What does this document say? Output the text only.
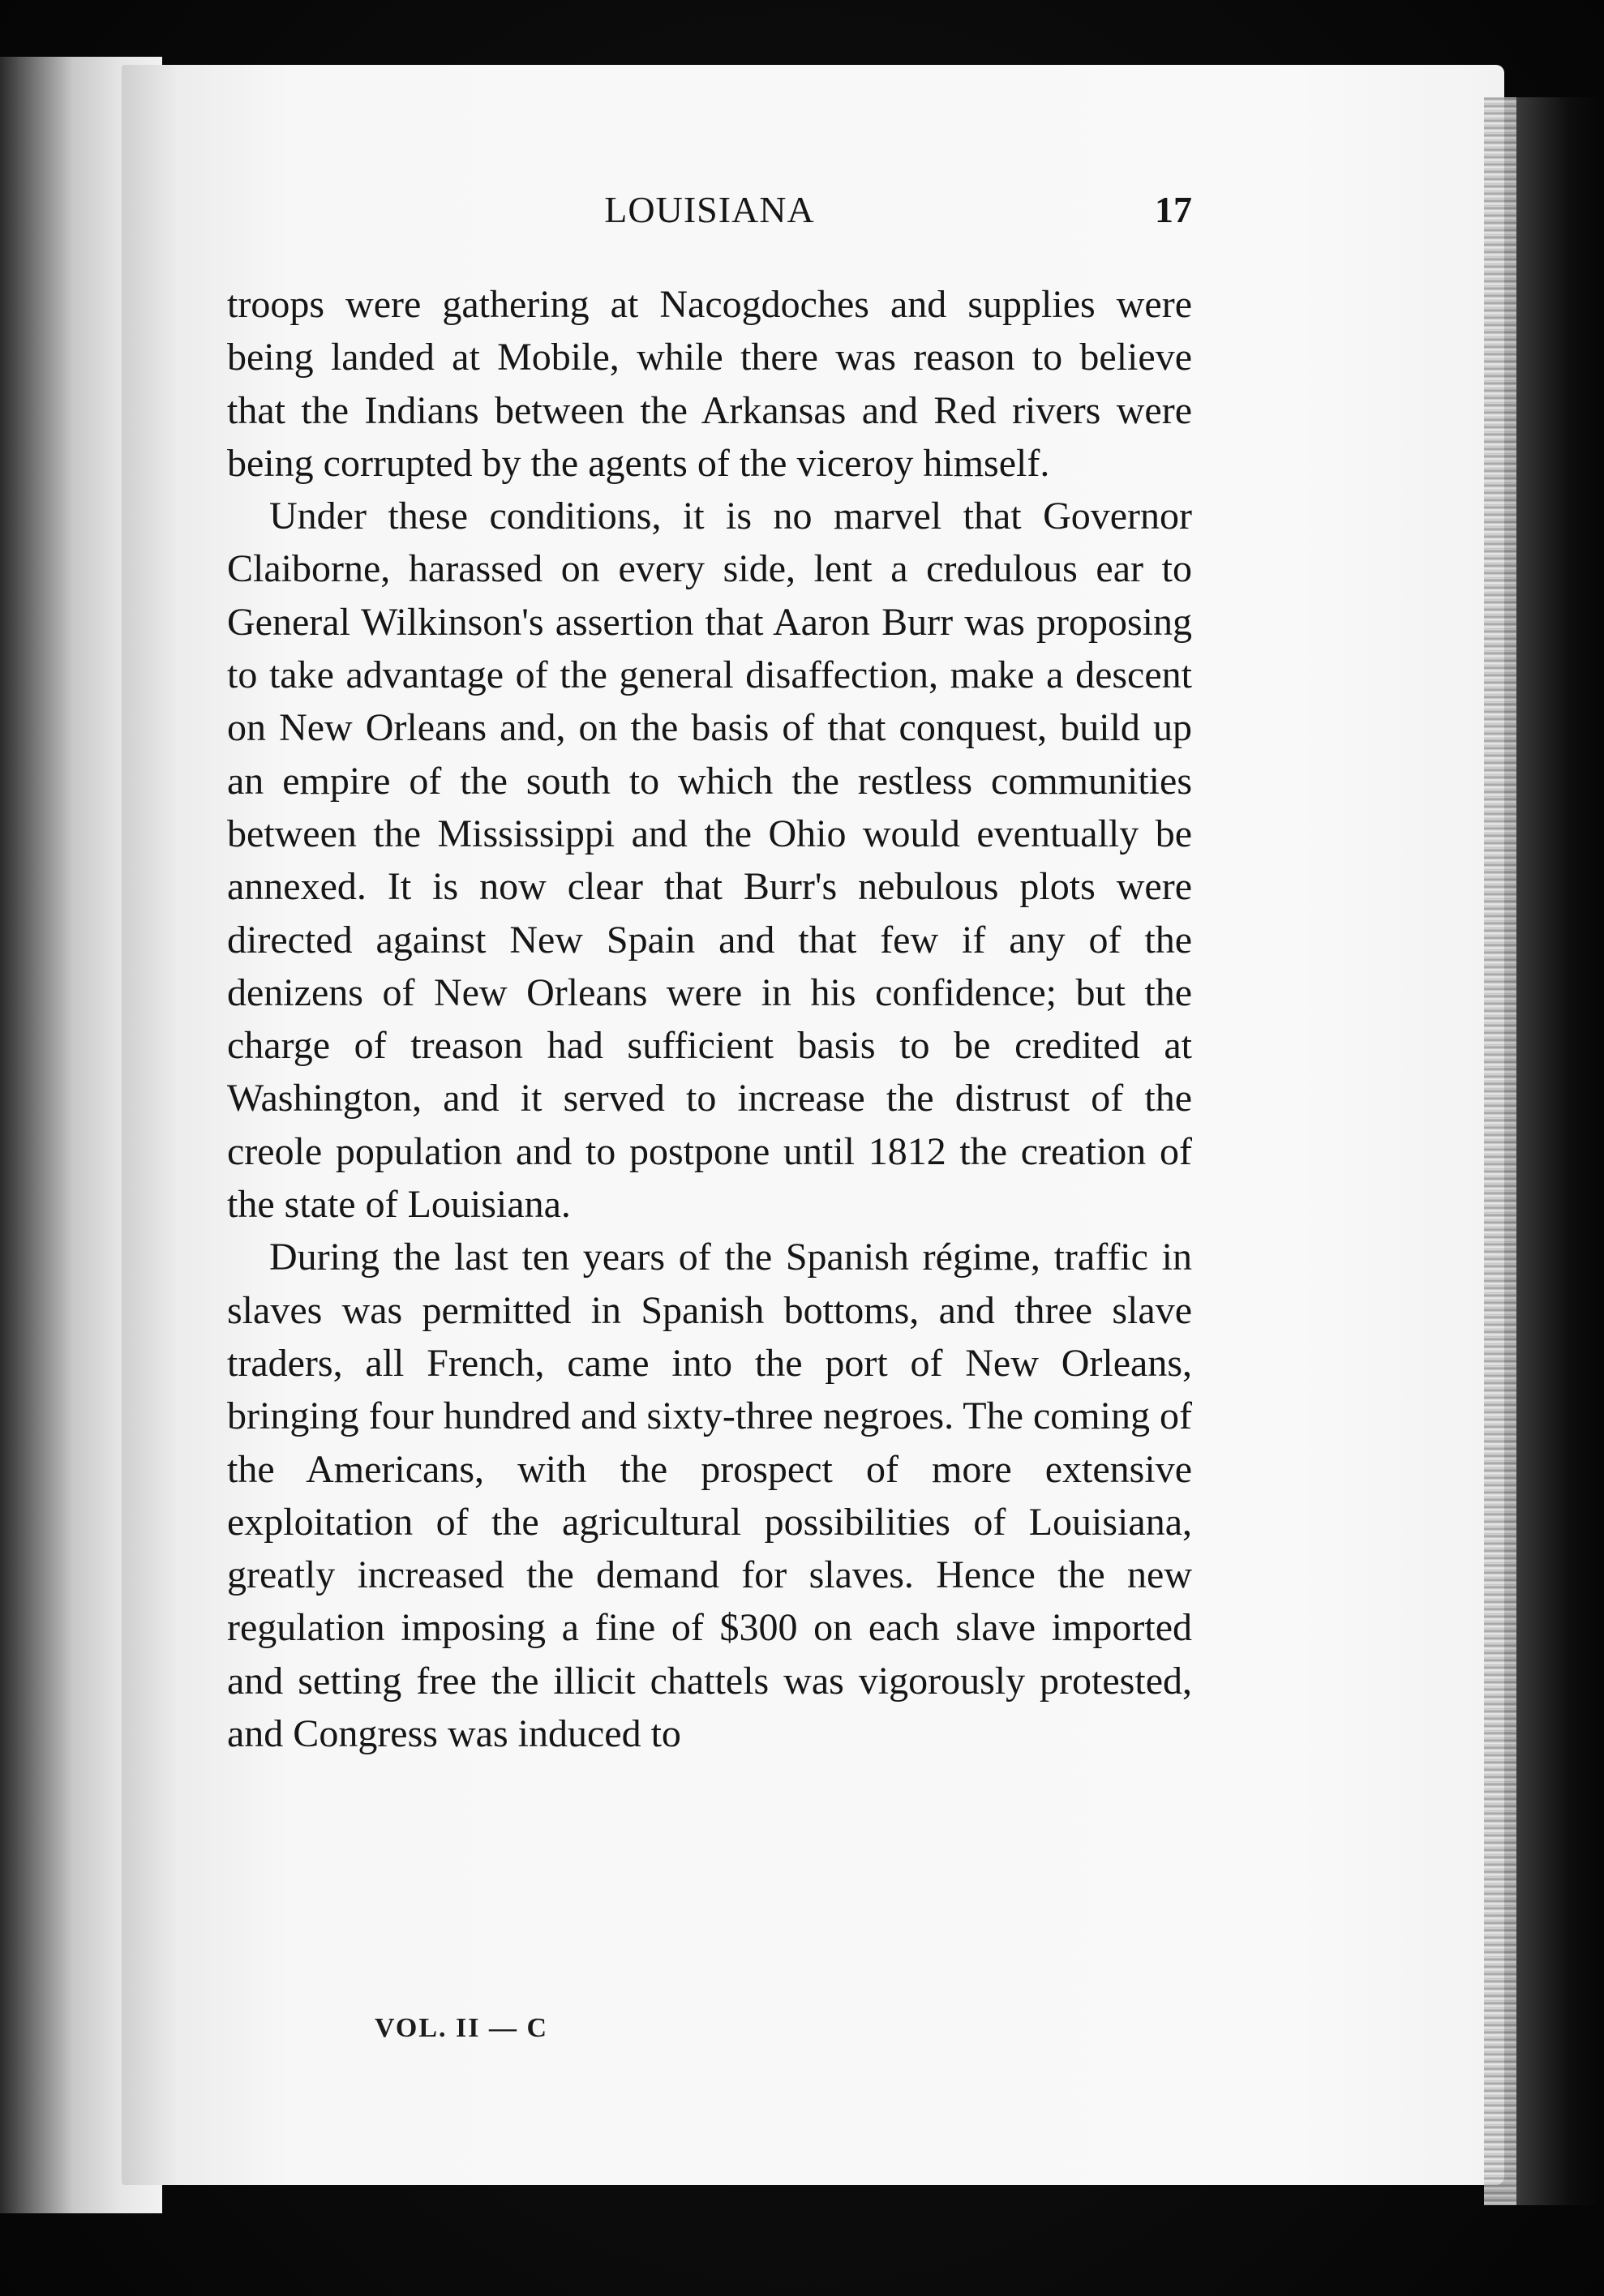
LOUISIANA	17

troops were gathering at Nacogdoches and supplies were being landed at Mobile, while there was reason to believe that the Indians between the Arkansas and Red rivers were being corrupted by the agents of the viceroy himself.

Under these conditions, it is no marvel that Governor Claiborne, harassed on every side, lent a credulous ear to General Wilkinson's assertion that Aaron Burr was proposing to take advantage of the general disaffection, make a descent on New Orleans and, on the basis of that conquest, build up an empire of the south to which the restless communities between the Mississippi and the Ohio would eventually be annexed. It is now clear that Burr's nebulous plots were directed against New Spain and that few if any of the denizens of New Orleans were in his confidence; but the charge of treason had sufficient basis to be credited at Washington, and it served to increase the distrust of the creole population and to postpone until 1812 the creation of the state of Louisiana.

During the last ten years of the Spanish régime, traffic in slaves was permitted in Spanish bottoms, and three slave traders, all French, came into the port of New Orleans, bringing four hundred and sixty-three negroes. The coming of the Americans, with the prospect of more extensive exploitation of the agricultural possibilities of Louisiana, greatly increased the demand for slaves. Hence the new regulation imposing a fine of $300 on each slave imported and setting free the illicit chattels was vigorously protested, and Congress was induced to

VOL. II — C
